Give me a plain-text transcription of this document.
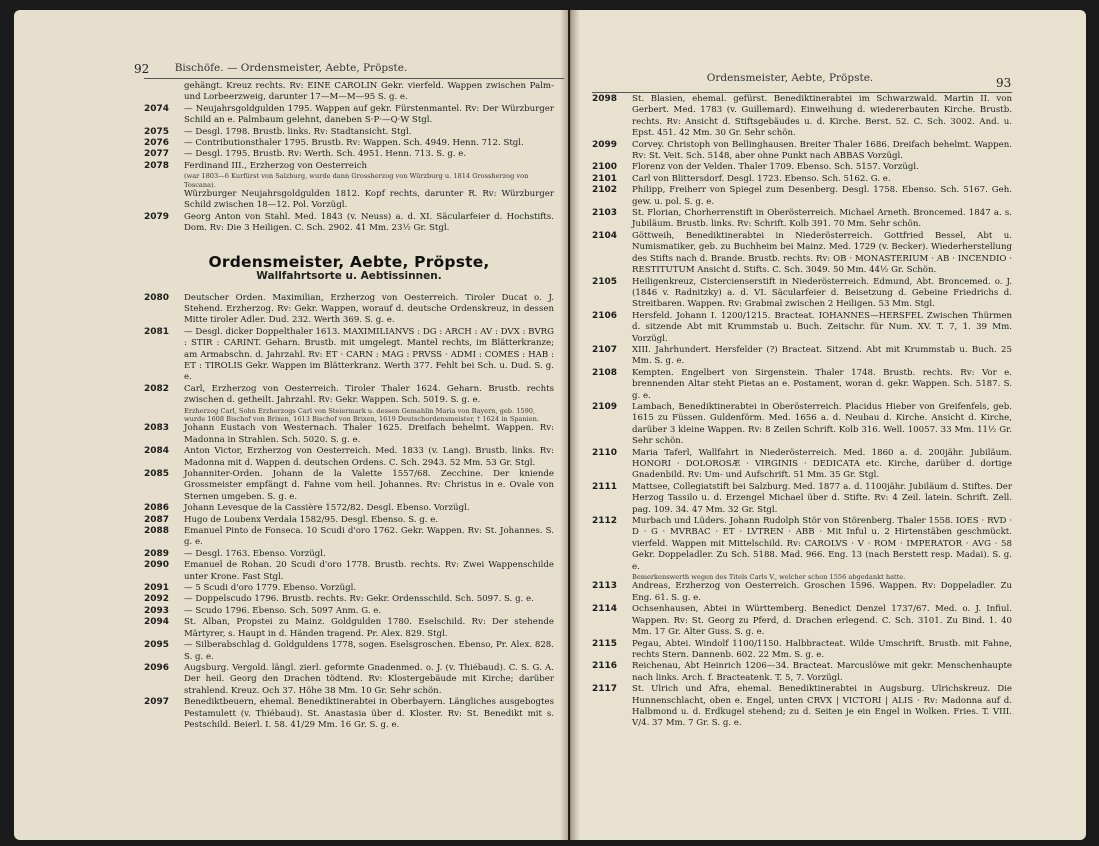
92	Bischöfe. — Ordensmeister, Aebte, Pröpste.
gehängt. Kreuz rechts. Rv: EINE CAROLIN Gekr. vierfeld. Wappen zwischen Palm- und Lorbeerzweig, darunter 17—M—M—95 S. g. e.
2074 — Neujahrsgoldgulden 1795. Wappen auf gekr. Fürstenmantel. Rv: Der Würzburger Schild an e. Palmbaum gelehnt, daneben S·P·—Q·W Stgl.
2075 — Desgl. 1798. Brustb. links. Rv: Stadtansicht. Stgl.
2076 — Contributionsthaler 1795. Brustb. Rv: Wappen. Sch. 4949. Henn. 712. Stgl.
2077 — Desgl. 1795. Brustb. Rv: Werth. Sch. 4951. Henn. 713. S. g. e.
2078 Ferdinand III., Erzherzog von Oesterreich
(war 1803—6 Kurfürst von Salzburg, wurde dann Grossherzog von Würzburg u. 1814 Grossherzog von Toscana).
Würzburger Neujahrsgoldgulden 1812. Kopf rechts, darunter R. Rv: Würzburger Schild zwischen 18—12. Pol. Vorzügl.
2079 Georg Anton von Stahl. Med. 1843 (v. Neuss) a. d. XI. Säcularfeier d. Hochstifts. Dom. Rv: Die 3 Heiligen. C. Sch. 2902. 41 Mm. 23½ Gr. Stgl.
Ordensmeister, Aebte, Pröpste,
Wallfahrtsorte u. Aebtissinnen.
2080 Deutscher Orden. Maximilian, Erzherzog von Oesterreich. Tiroler Ducat o. J. Stehend. Erzherzog. Rv: Gekr. Wappen, worauf d. deutsche Ordenskreuz, in dessen Mitte tiroler Adler. Dud. 232. Werth 369. S. g. e.
2081 — Desgl. dicker Doppelthaler 1613. MAXIMILIANVS : DG : ARCH : AV : DVX : BVRG : STIR : CARINT. Geharn. Brustb. mit umgelegt. Mantel rechts, im Blätterkranze; am Armabschn. d. Jahrzahl. Rv: ET · CARN : MAG : PRVSS · ADMI : COMES : HAB : ET : TIROLIS Gekr. Wappen im Blätterkranz. Werth 377. Fehlt bei Sch. u. Dud. S. g. e.
2082 Carl, Erzherzog von Oesterreich. Tiroler Thaler 1624. Geharn. Brustb. rechts zwischen d. getheilt. Jahrzahl. Rv: Gekr. Wappen. Sch. 5019. S. g. e.
Erzherzog Carl, Sohn Erzherzogs Carl von Steiermark u. dessen Gemahlin Maria von Bayern, geb. 1590, wurde 1608 Bischof von Brixen, 1613 Bischof von Brixen, 1619 Deutschordensmeister, † 1624 in Spanien.
2083 Johann Eustach von Westernach. Thaler 1625. Dreifach behelmt. Wappen. Rv: Madonna in Strahlen. Sch. 5020. S. g. e.
2084 Anton Victor, Erzherzog von Oesterreich. Med. 1833 (v. Lang). Brustb. links. Rv: Madonna mit d. Wappen d. deutschen Ordens. C. Sch. 2943. 52 Mm. 53 Gr. Stgl.
2085 Johanniter-Orden. Johann de la Valette 1557/68. Zecchine. Der kniende Grossmeister empfängt d. Fahne vom heil. Johannes. Rv: Christus in e. Ovale von Sternen umgeben. S. g. e.
2086 Johann Levesque de la Cassière 1572/82. Desgl. Ebenso. Vorzügl.
2087 Hugo de Loubenx Verdala 1582/95. Desgl. Ebenso. S. g. e.
2088 Emanuel Pinto de Fonseca. 10 Scudi d'oro 1762. Gekr. Wappen. Rv: St. Johannes. S. g. e.
2089 — Desgl. 1763. Ebenso. Vorzügl.
2090 Emanuel de Rohan. 20 Scudi d'oro 1778. Brustb. rechts. Rv: Zwei Wappenschilde unter Krone. Fast Stgl.
2091 — 5 Scudi d'oro 1779. Ebenso. Vorzügl.
2092 — Doppelscudo 1796. Brustb. rechts. Rv: Gekr. Ordensschild. Sch. 5097. S. g. e.
2093 — Scudo 1796. Ebenso. Sch. 5097 Anm. G. e.
2094 St. Alban, Propstei zu Mainz. Goldgulden 1780. Eselschild. Rv: Der stehende Märtyrer, s. Haupt in d. Händen tragend. Pr. Alex. 829. Stgl.
2095 — Silberabschlag d. Goldguldens 1778, sogen. Eselsgroschen. Ebenso, Pr. Alex. 828. S. g. e.
2096 Augsburg. Vergold. längl. zierl. geformte Gnadenmed. o. J. (v. Thiébaud). C. S. G. A. Der heil. Georg den Drachen tödtend. Rv: Klostergebäude mit Kirche; darüber strahlend. Kreuz. Och 37. Höhe 38 Mm. 10 Gr. Sehr schön.
2097 Benediktbeuern, ehemal. Benediktinerabtei in Oberbayern. Längliches ausgebogtes Pestamulett (v. Thiébaud). St. Anastasia über d. Kloster. Rv: St. Benedikt mit s. Pestschild. Beierl. I. 58. 41/29 Mm. 16 Gr. S. g. e.
Ordensmeister, Aebte, Pröpste.	93
2098 St. Blasien, ehemal. gefürst. Benediktinerabtei im Schwarzwald. Martin II. von Gerbert. Med. 1783 (v. Guillemard). Einweihung d. wiedererbauten Kirche. Brustb. rechts. Rv: Ansicht d. Stiftsgebäudes u. d. Kirche. Berst. 52. C. Sch. 3002. And. u. Epst. 451. 42 Mm. 30 Gr. Sehr schön.
2099 Corvey. Christoph von Bellinghausen. Breiter Thaler 1686. Dreifach behelmt. Wappen. Rv: St. Veit. Sch. 5148, aber ohne Punkt nach ABBAS Vorzügl.
2100 Florenz von der Velden. Thaler 1709. Ebenso. Sch. 5157. Vorzügl.
2101 Carl von Blittersdorf. Desgl. 1723. Ebenso. Sch. 5162. G. e.
2102 Philipp, Freiherr von Spiegel zum Desenberg. Desgl. 1758. Ebenso. Sch. 5167. Geh. gew. u. pol. S. g. e.
2103 St. Florian, Chorherrenstift in Oberösterreich. Michael Arneth. Broncemed. 1847 a. s. Jubiläum. Brustb. links. Rv: Schrift. Kolb 391. 70 Mm. Sehr schön.
2104 Göttweih, Benediktinerabtei in Niederösterreich. Gottfried Bessel, Abt u. Numismatiker, geb. zu Buchheim bei Mainz. Med. 1729 (v. Becker). Wiederherstellung des Stifts nach d. Brande. Brustb. rechts. Rv: OB · MONASTERIUM · AB · INCENDIO · RESTITUTUM Ansicht d. Stifts. C. Sch. 3049. 50 Mm. 44½ Gr. Schön.
2105 Heiligenkreuz, Cistercienserstift in Niederösterreich. Edmund, Abt. Broncemed. o. J. (1846 v. Radnitzky) a. d. VI. Säcularfeier d. Beisetzung d. Gebeine Friedrichs d. Streitbaren. Wappen. Rv: Grabmal zwischen 2 Heiligen. 53 Mm. Stgl.
2106 Hersfeld. Johann I. 1200/1215. Bracteat. IOHANNES—HERSFEL Zwischen Thürmen d. sitzende Abt mit Krummstab u. Buch. Zeitschr. für Num. XV. T. 7, 1. 39 Mm. Vorzügl.
2107 XIII. Jahrhundert. Hersfelder (?) Bracteat. Sitzend. Abt mit Krummstab u. Buch. 25 Mm. S. g. e.
2108 Kempten. Engelbert von Sirgenstein. Thaler 1748. Brustb. rechts. Rv: Vor e. brennenden Altar steht Pietas an e. Postament, woran d. gekr. Wappen. Sch. 5187. S. g. e.
2109 Lambach, Benediktinerabtei in Oberösterreich. Placidus Hieber von Greifenfels, geb. 1615 zu Füssen. Guldenförm. Med. 1656 a. d. Neubau d. Kirche. Ansicht d. Kirche, darüber 3 kleine Wappen. Rv: 8 Zeilen Schrift. Kolb 316. Well. 10057. 33 Mm. 11½ Gr. Sehr schön.
2110 Maria Taferl, Wallfahrt in Niederösterreich. Med. 1860 a. d. 200jähr. Jubiläum. HONORI · DOLOROSÆ · VIRGINIS · DEDICATA etc. Kirche, darüber d. dortige Gnadenbild. Rv: Um- und Aufschrift. 51 Mm. 35 Gr. Stgl.
2111 Mattsee, Collegiatstift bei Salzburg. Med. 1877 a. d. 1100jähr. Jubiläum d. Stiftes. Der Herzog Tassilo u. d. Erzengel Michael über d. Stifte. Rv: 4 Zeil. latein. Schrift. Zell. pag. 109. 34. 47 Mm. 32 Gr. Stgl.
2112 Murbach und Lüders. Johann Rudolph Stör von Störenberg. Thaler 1558. IOES · RVD · D · G · MVRBAC · ET · LVTREN · ABB · Mit Inful u. 2 Hirtenstäben geschmückt. vierfeld. Wappen mit Mittelschild. Rv: CAROLVS · V · ROM · IMPERATOR · AVG · 58 Gekr. Doppeladler. Zu Sch. 5188. Mad. 966. Eng. 13 (nach Berstett resp. Madai). S. g. e.
Bemerkenswerth wegen des Titels Carls V., welcher schon 1556 abgedankt hatte.
2113 Andreas, Erzherzog von Oesterreich. Groschen 1596. Wappen. Rv: Doppeladler. Zu Eng. 61. S. g. e.
2114 Ochsenhausen, Abtei in Württemberg. Benedict Denzel 1737/67. Med. o. J. Infiul. Wappen. Rv: St. Georg zu Pferd, d. Drachen erlegend. C. Sch. 3101. Zu Bind. 1. 40 Mm. 17 Gr. Alter Guss. S. g. e.
2115 Pegau, Abtei. Windolf 1100/1150. Halbbracteat. Wilde Umschrift. Brustb. mit Fahne, rechts Stern. Dannenb. 602. 22 Mm. S. g. e.
2116 Reichenau, Abt Heinrich 1206—34. Bracteat. Marcuslöwe mit gekr. Menschenhaupte nach links. Arch. f. Bracteatenk. T. 5, 7. Vorzügl.
2117 St. Ulrich und Afra, ehemal. Benediktinerabtei in Augsburg. Ulrichskreuz. Die Hunnenschlacht, oben e. Engel, unten CRVX | VICTORI | ALIS · Rv: Madonna auf d. Halbmond u. d. Erdkugel stehend; zu d. Seiten je ein Engel in Wolken. Fries. T. VIII. V/4. 37 Mm. 7 Gr. S. g. e.
